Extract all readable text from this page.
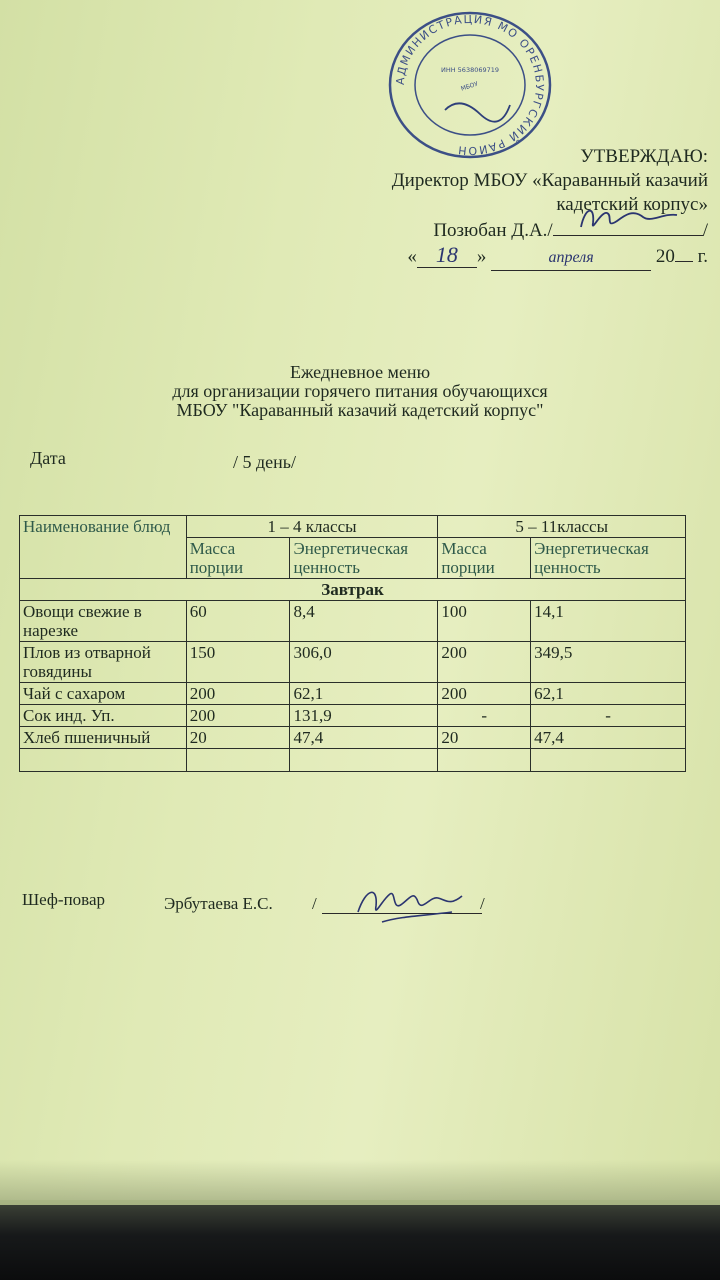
АДМИНИСТРАЦИЯ МО ОРЕНБУРГСКИЙ РАЙОН
ИНН 5638069719
МБОУ
УТВЕРЖДАЮ:
Директор МБОУ «Караванный казачий
кадетский корпус»
Позюбан Д.А./	/
« 18 »	апреля	20 г.
Ежедневное меню
для организации горячего питания обучающихся
МБОУ "Караванный казачий кадетский корпус"
Дата	/ 5 день/
Наименование блюд	1 – 4 классы		5 – 11классы	
	Масса порции	Энергетическая ценность	Масса порции	Энергетическая ценность
Завтрак				
Овощи свежие в нарезке	60	8,4	100	14,1
Плов из отварной говядины	150	306,0	200	349,5
Чай с сахаром	200	62,1	200	62,1
Сок инд. Уп.	200	131,9	-	-
Хлеб пшеничный	20	47,4	20	47,4

Шеф-повар	Эрбутаева Е.С. /	/
